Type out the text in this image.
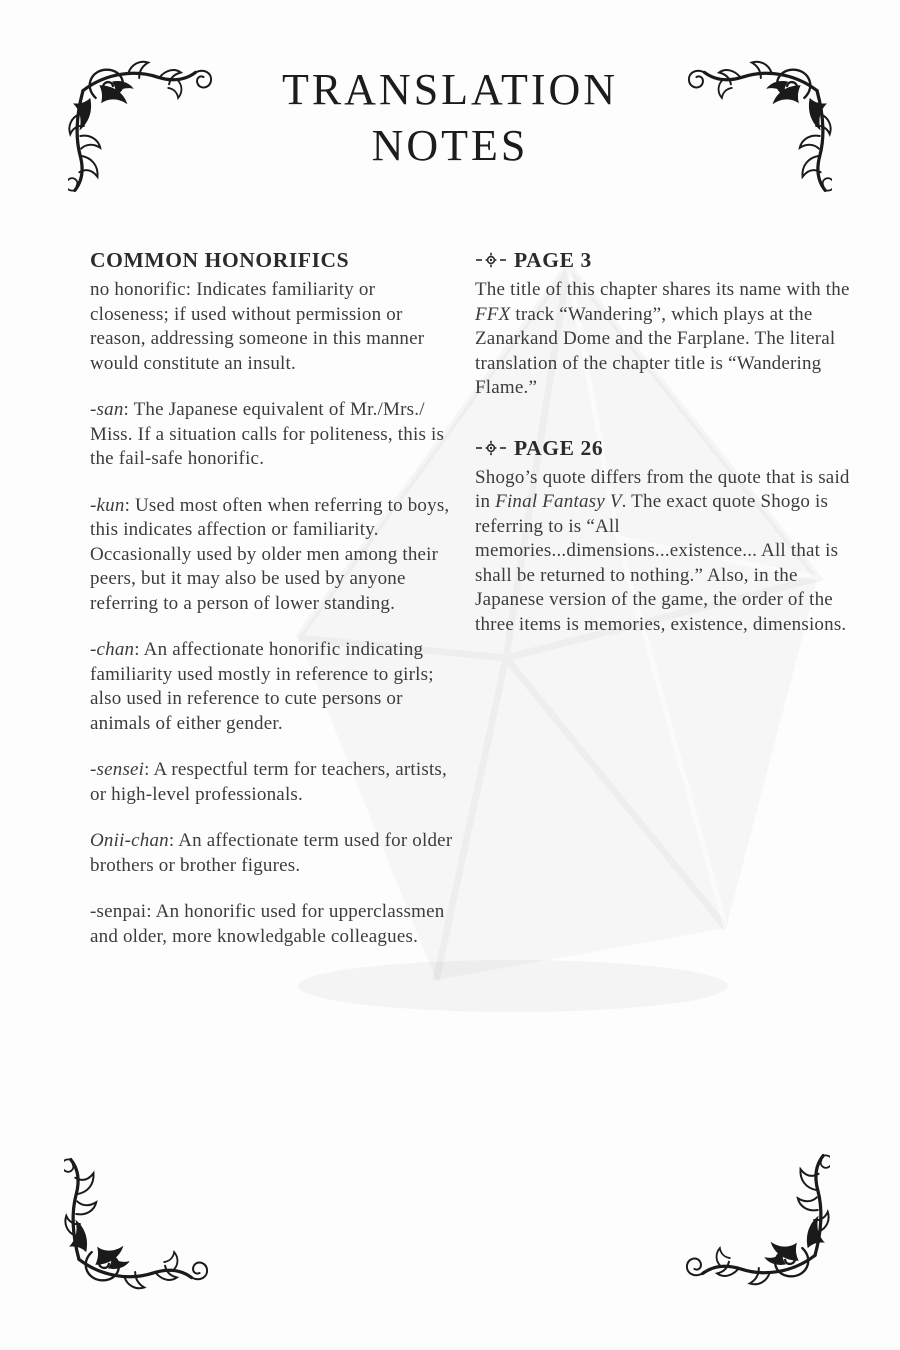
TRANSLATION
NOTES
COMMON HONORIFICS

no honorific: Indicates familiarity or closeness; if used without permission or reason, addressing someone in this manner would constitute an insult.

-san: The Japanese equivalent of Mr./Mrs./ Miss. If a situation calls for politeness, this is the fail-safe honorific.

-kun: Used most often when referring to boys, this indicates affection or familiarity. Occasionally used by older men among their peers, but it may also be used by anyone referring to a person of lower standing.

-chan: An affectionate honorific indicating familiarity used mostly in reference to girls; also used in reference to cute persons or animals of either gender.

-sensei: A respectful term for teachers, artists, or high-level professionals.

Onii-chan: An affectionate term used for older brothers or brother figures.

-senpai: An honorific used for upperclassmen and older, more knowledgable colleagues.

PAGE 3

The title of this chapter shares its name with the FFX track “Wandering”, which plays at the Zanarkand Dome and the Farplane. The literal translation of the chapter title is “Wandering Flame.”

PAGE 26

Shogo’s quote differs from the quote that is said in Final Fantasy V. The exact quote Shogo is referring to is “All memories...dimensions...existence... All that is shall be returned to nothing.” Also, in the Japanese version of the game, the order of the three items is memories, existence, dimensions.
